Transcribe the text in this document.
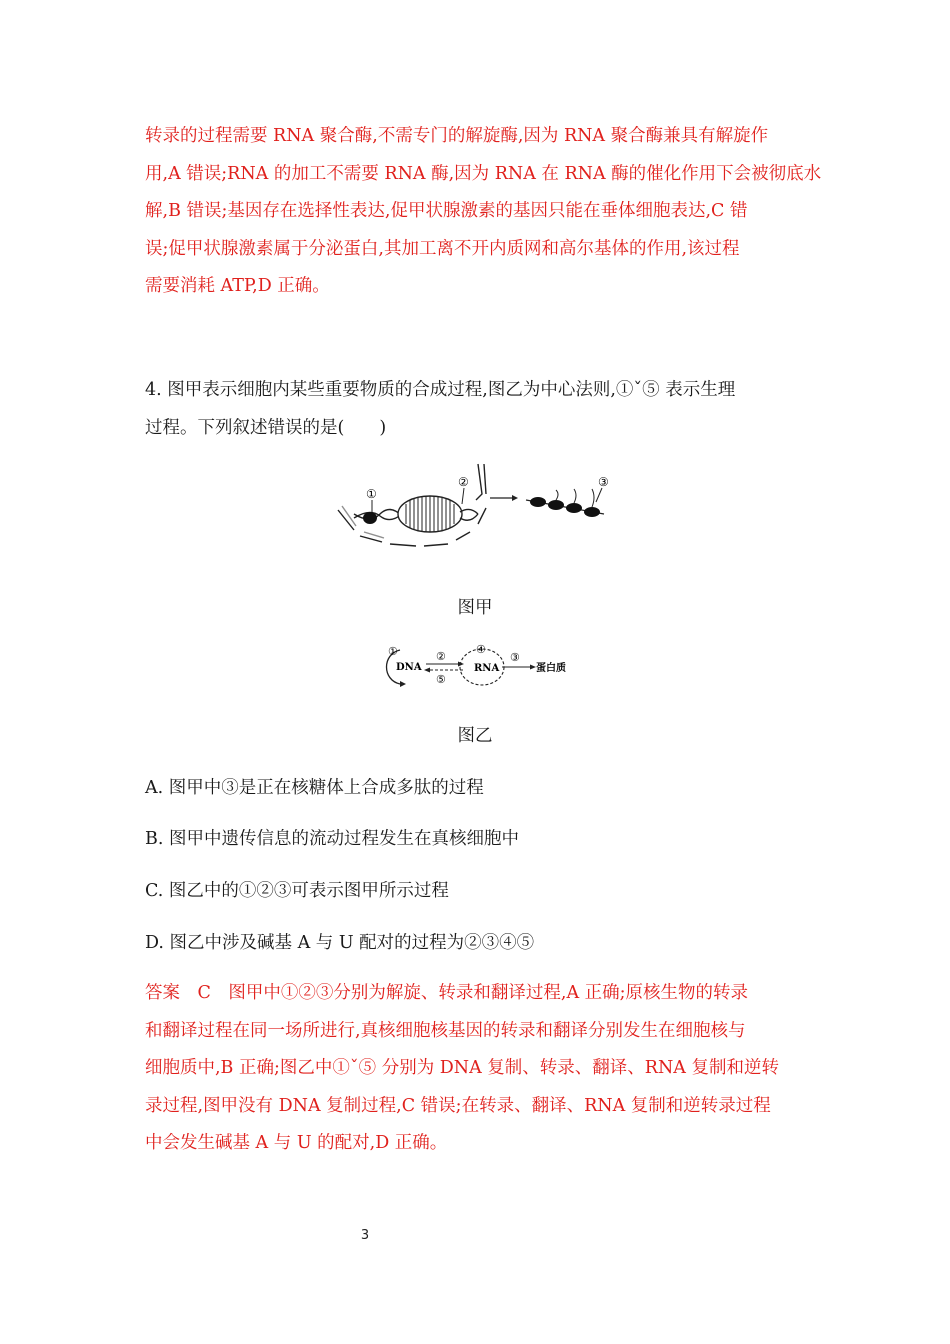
转录的过程需要 RNA 聚合酶,不需专门的解旋酶,因为 RNA 聚合酶兼具有解旋作
用,A 错误;RNA 的加工不需要 RNA 酶,因为 RNA 在 RNA 酶的催化作用下会被彻底水
解,B 错误;基因存在选择性表达,促甲状腺激素的基因只能在垂体细胞表达,C 错
误;促甲状腺激素属于分泌蛋白,其加工离不开内质网和高尔基体的作用,该过程
需要消耗 ATP,D 正确。
4. 图甲表示细胞内某些重要物质的合成过程,图乙为中心法则,①ˇ⑤ 表示生理
过程。下列叙述错误的是(　　)
①
②	③
图甲
①
DNA
②
⑤
④
RNA
③
蛋白质
图乙
A. 图甲中③是正在核糖体上合成多肽的过程
B. 图甲中遗传信息的流动过程发生在真核细胞中
C. 图乙中的①②③可表示图甲所示过程
D. 图乙中涉及碱基 A 与 U 配对的过程为②③④⑤
答案　C　图甲中①②③分别为解旋、转录和翻译过程,A 正确;原核生物的转录
和翻译过程在同一场所进行,真核细胞核基因的转录和翻译分别发生在细胞核与
细胞质中,B 正确;图乙中①ˇ⑤ 分别为 DNA 复制、转录、翻译、RNA 复制和逆转
录过程,图甲没有 DNA 复制过程,C 错误;在转录、翻译、RNA 复制和逆转录过程
中会发生碱基 A 与 U 的配对,D 正确。
3
